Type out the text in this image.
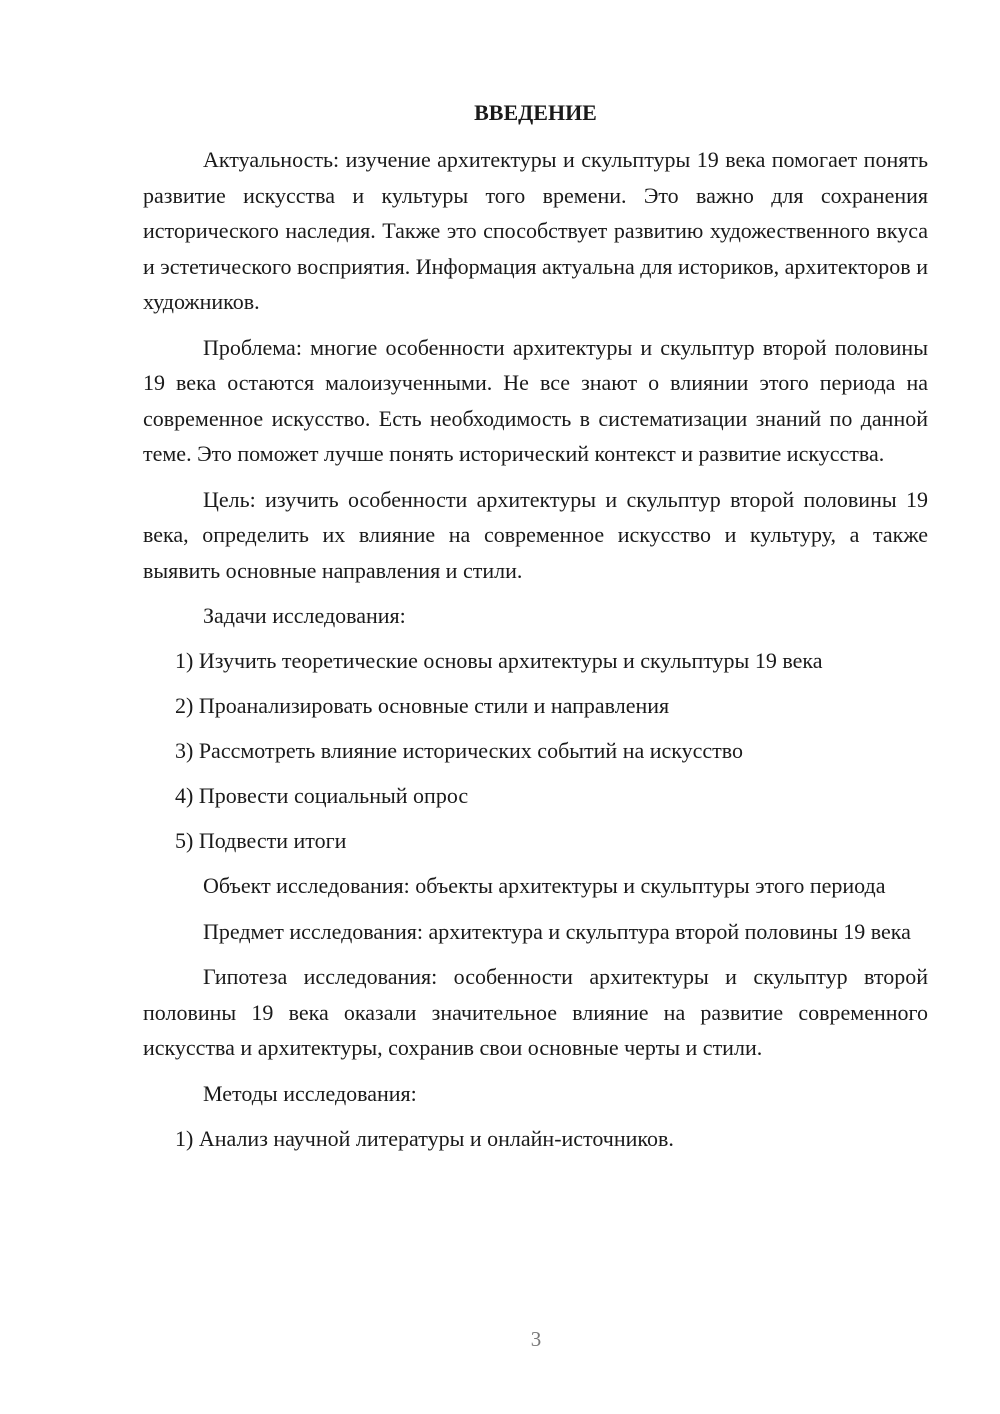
ВВЕДЕНИЕ

Актуальность: изучение архитектуры и скульптуры 19 века помогает понять развитие искусства и культуры того времени. Это важно для сохранения исторического наследия. Также это способствует развитию художественного вкуса и эстетического восприятия. Информация актуальна для историков, архитекторов и художников.

Проблема: многие особенности архитектуры и скульптур второй половины 19 века остаются малоизученными. Не все знают о влиянии этого периода на современное искусство. Есть необходимость в систематизации знаний по данной теме. Это поможет лучше понять исторический контекст и развитие искусства.

Цель: изучить особенности архитектуры и скульптур второй половины 19 века, определить их влияние на современное искусство и культуру, а также выявить основные направления и стили.

Задачи исследования:

1) Изучить теоретические основы архитектуры и скульптуры 19 века
2) Проанализировать основные стили и направления
3) Рассмотреть влияние исторических событий на искусство
4) Провести социальный опрос
5) Подвести итоги

Объект исследования: объекты архитектуры и скульптуры этого периода

Предмет исследования: архитектура и скульптура второй половины 19 века

Гипотеза исследования: особенности архитектуры и скульптур второй половины 19 века оказали значительное влияние на развитие современного искусства и архитектуры, сохранив свои основные черты и стили.

Методы исследования:

1) Анализ научной литературы и онлайн-источников.
3
